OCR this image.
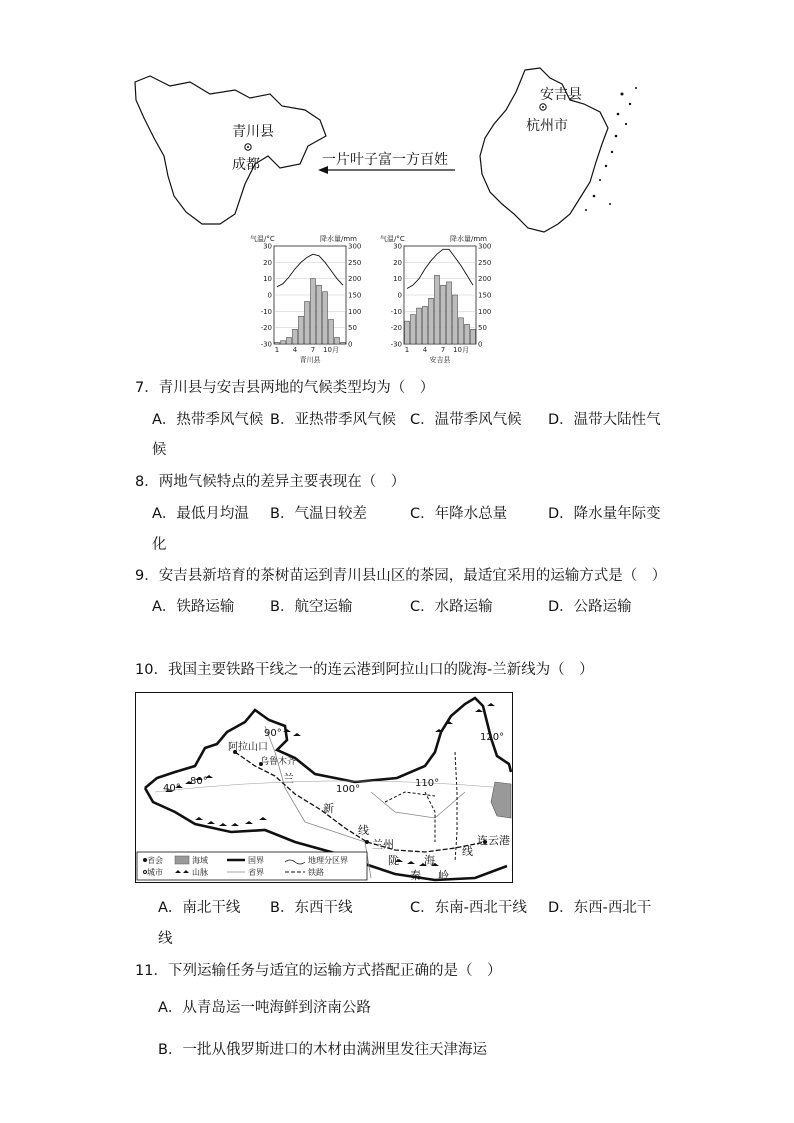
青川县
成都
安吉县
杭州市
一片叶子富一方百姓
气温/°C	降水量/mm
30	300
20	250
10	200
0	150
-10	100
-20	50
-30	0
1 4 7 10月
青川县
气温/°C	降水量/mm
30	300
20	250
10	200
0	150
-10	100
-20	50
-30	0
1 4 7 10月
安吉县
7．青川县与安吉县两地的气候类型均为（　）
A．热带季风气候 B．亚热带季风气候 C．温带季风气候 D．温带大陆性气
候
8．两地气候特点的差异主要表现在（　）
A．最低月均温 B．气温日较差	C．年降水总量	D．降水量年际变
化
9．安吉县新培育的茶树苗运到青川县山区的茶园，最适宜采用的运输方式是（　）
A．铁路运输 B．航空运输	C．水路运输	D．公路运输
10．我国主要铁路干线之一的连云港到阿拉山口的陇海-兰新线为（　）
阿拉山口
乌鲁木齐
兰
新
线
兰州
陇 海
线
秦 岭
连云港
40°
80°
90°
100°
110°
120°
省会
城市
海域
山脉
国界
省界
地理分区界
铁路
A．南北干线 B．东西干线	C．东南-西北干线 D．东西-西北干
线
11．下列运输任务与适宜的运输方式搭配正确的是（　）
A．从青岛运一吨海鲜到济南公路
B．一批从俄罗斯进口的木材由满洲里发往天津海运
